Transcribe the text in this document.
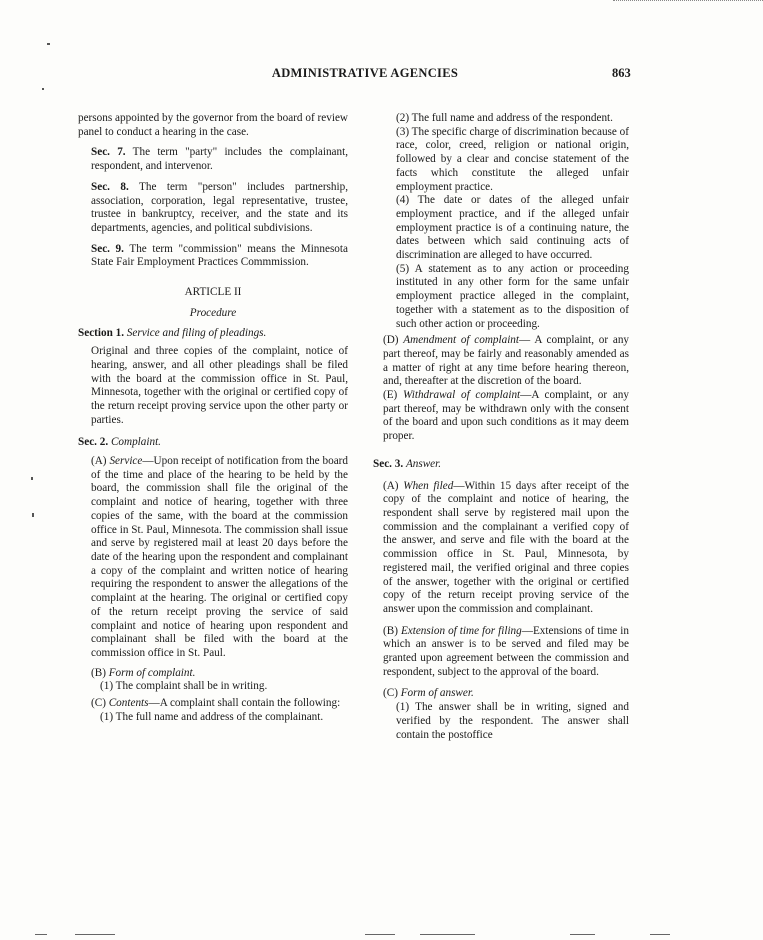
ADMINISTRATIVE AGENCIES	863

persons appointed by the governor from the board of review panel to conduct a hearing in the case.

Sec. 7. The term "party" includes the complainant, respondent, and intervenor.

Sec. 8. The term "person" includes partnership, association, corporation, legal representative, trustee, trustee in bankruptcy, receiver, and the state and its departments, agencies, and political subdivisions.

Sec. 9. The term "commission" means the Minnesota State Fair Employment Practices Commmission.

ARTICLE II

Procedure

Section 1. Service and filing of pleadings.

Original and three copies of the complaint, notice of hearing, answer, and all other pleadings shall be filed with the board at the commission office in St. Paul, Minnesota, together with the original or certified copy of the return receipt proving service upon the other party or parties.

Sec. 2. Complaint.

(A) Service—Upon receipt of notification from the board of the time and place of the hearing to be held by the board, the commission shall file the original of the complaint and notice of hearing, together with three copies of the same, with the board at the commission office in St. Paul, Minnesota. The commission shall issue and serve by registered mail at least 20 days before the date of the hearing upon the respondent and complainant a copy of the complaint and written notice of hearing requiring the respondent to answer the allegations of the complaint at the hearing. The original or certified copy of the return receipt proving the service of said complaint and notice of hearing upon respondent and complainant shall be filed with the board at the commission office in St. Paul.

(B) Form of complaint.

(1) The complaint shall be in writing.

(C) Contents—A complaint shall contain the following:

(1) The full name and address of the complainant.

(2) The full name and address of the respondent.

(3) The specific charge of discrimination because of race, color, creed, religion or national origin, followed by a clear and concise statement of the facts which constitute the alleged unfair employment practice.

(4) The date or dates of the alleged unfair employment practice, and if the alleged unfair employment practice is of a continuing nature, the dates between which said continuing acts of discrimination are alleged to have occurred.

(5) A statement as to any action or proceeding instituted in any other form for the same unfair employment practice alleged in the complaint, together with a statement as to the disposition of such other action or proceeding.

(D) Amendment of complaint— A complaint, or any part thereof, may be fairly and reasonably amended as a matter of right at any time before hearing thereon, and, thereafter at the discretion of the board.

(E) Withdrawal of complaint—A complaint, or any part thereof, may be withdrawn only with the consent of the board and upon such conditions as it may deem proper.

Sec. 3. Answer.

(A) When filed—Within 15 days after receipt of the copy of the complaint and notice of hearing, the respondent shall serve by registered mail upon the commission and the complainant a verified copy of the answer, and serve and file with the board at the commission office in St. Paul, Minnesota, by registered mail, the verified original and three copies of the answer, together with the original or certified copy of the return receipt proving service of the answer upon the commission and complainant.

(B) Extension of time for filing—Extensions of time in which an answer is to be served and filed may be granted upon agreement between the commission and respondent, subject to the approval of the board.

(C) Form of answer.

(1) The answer shall be in writing, signed and verified by the respondent. The answer shall contain the postoffice
